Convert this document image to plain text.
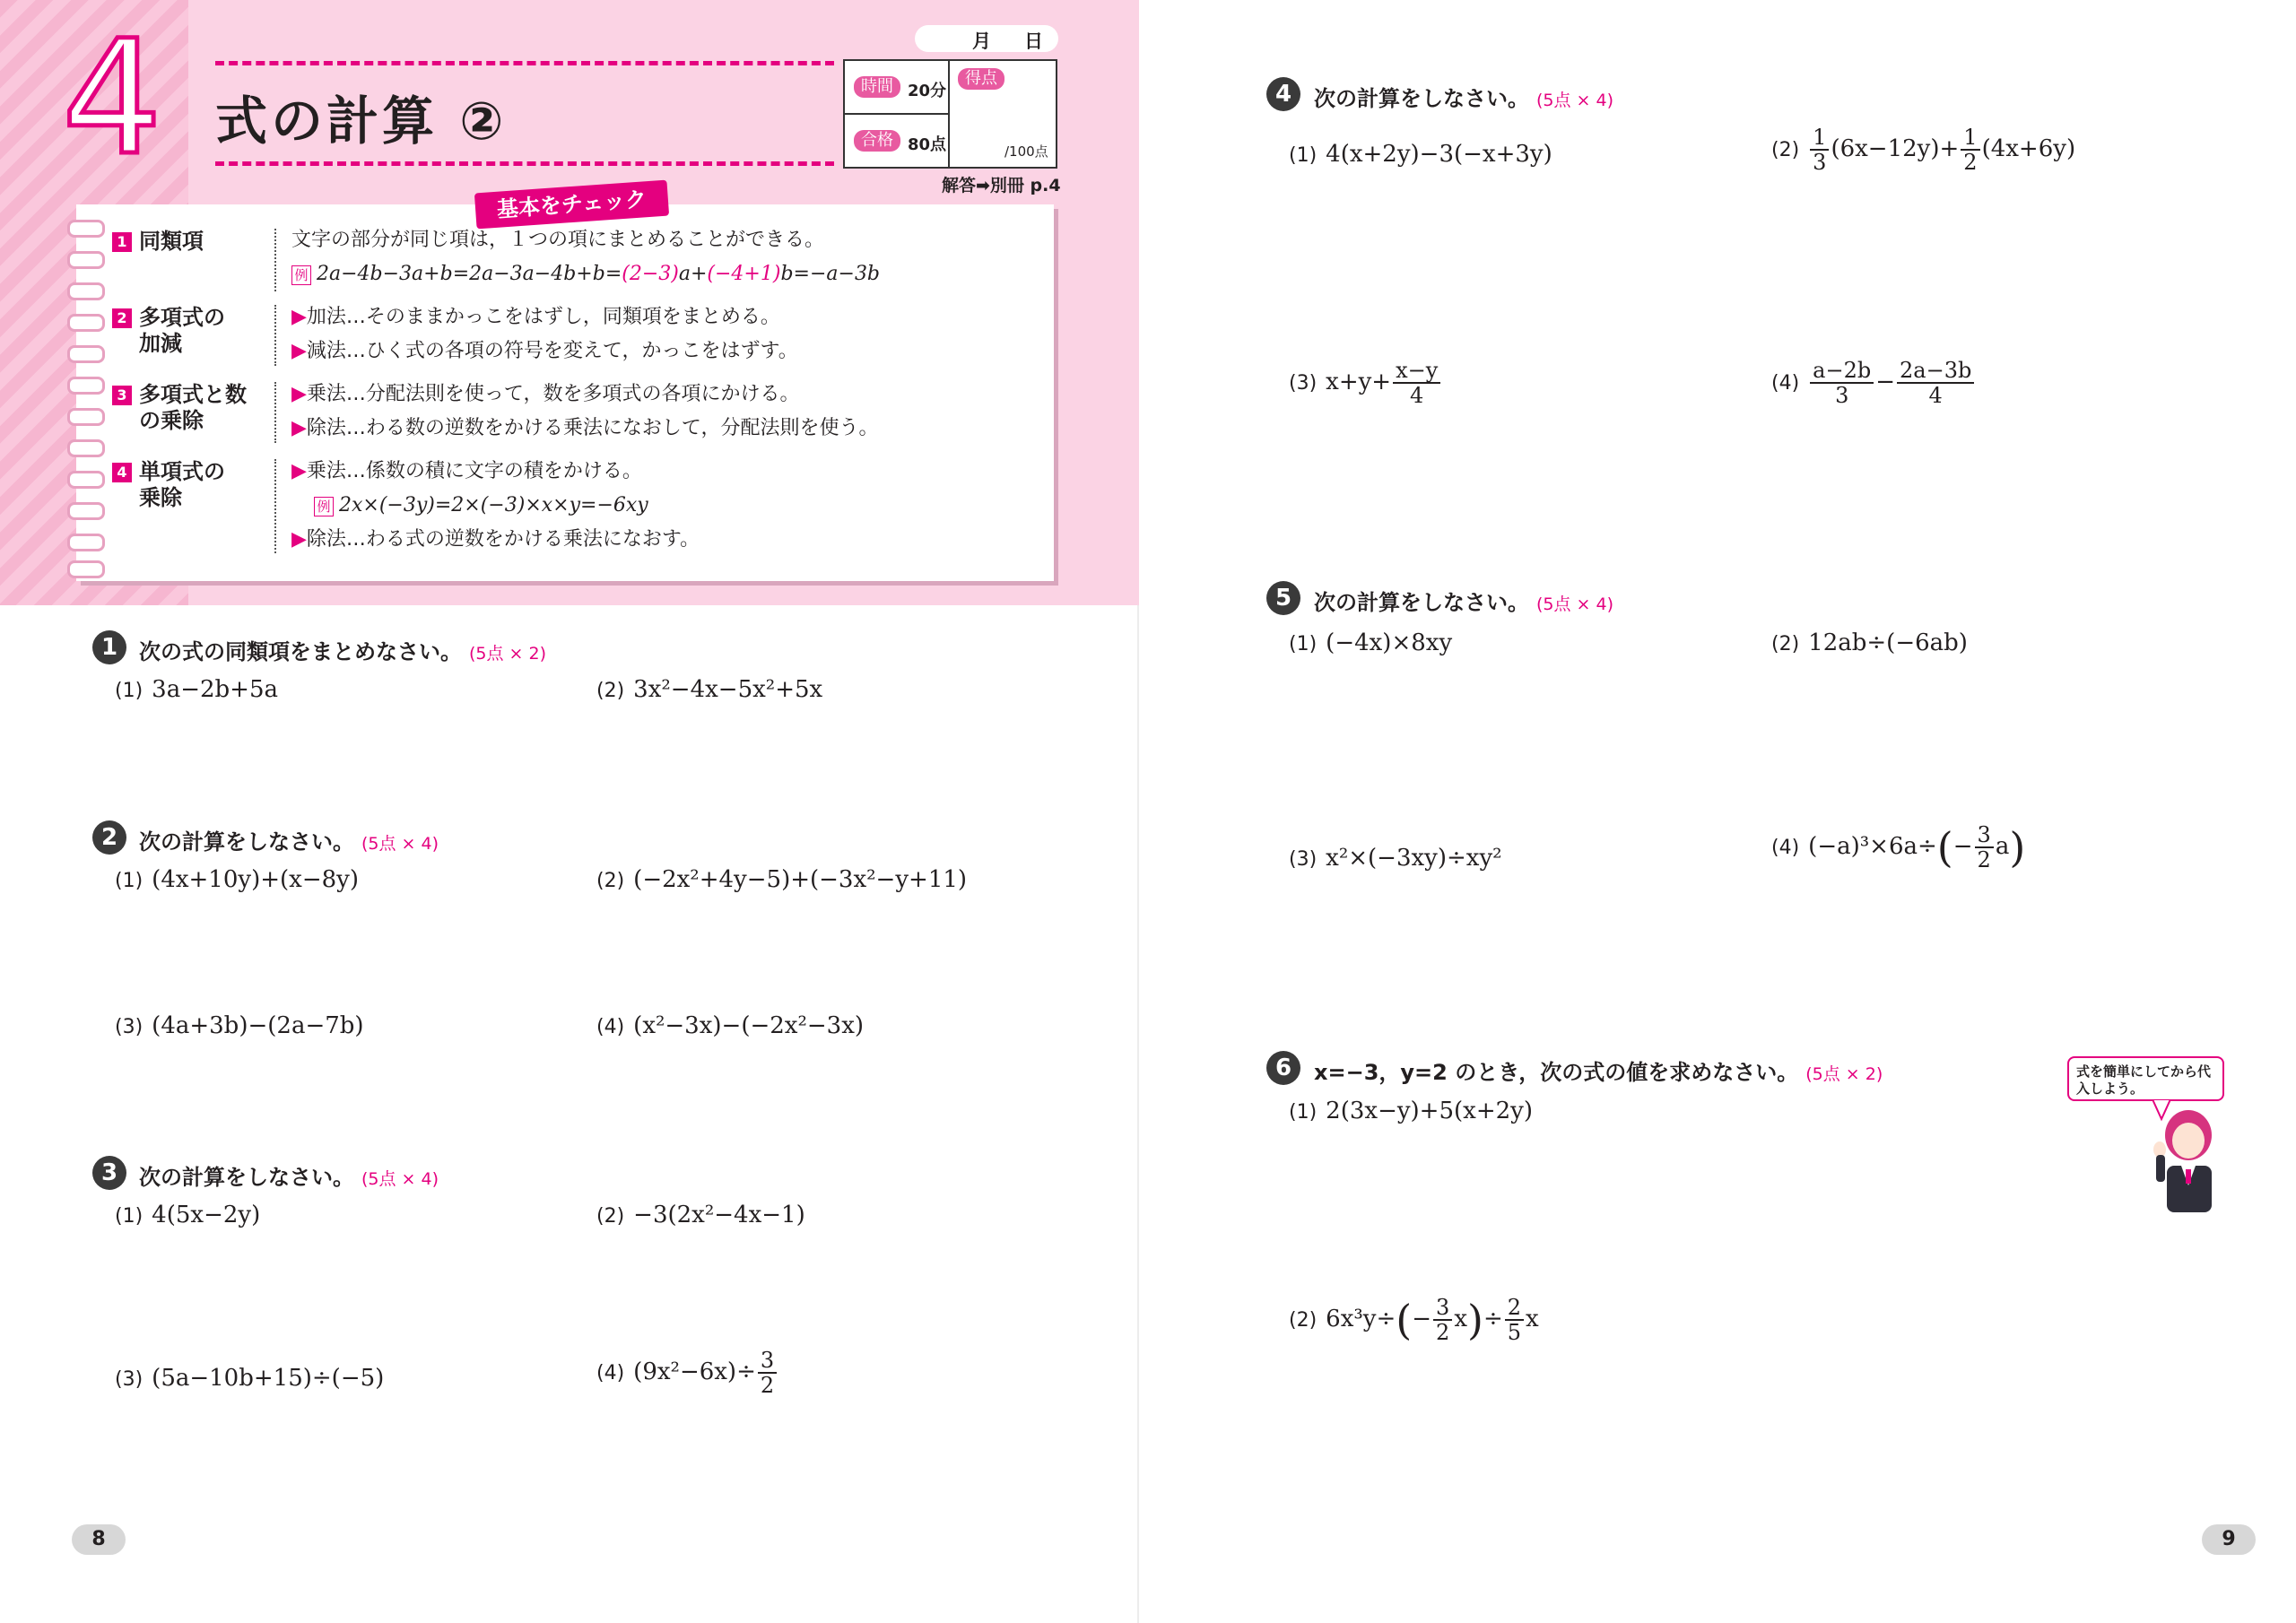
4 式の計算 ②
月 日
時間 20分
合格 80点
得点
/100点
解答➡別冊 p.4
基本をチェック
1 同類項	文字の部分が同じ項は，１つの項にまとめることができる。
例 2a−4b−3a+b=2a−3a−4b+b=(2−3)a+(−4+1)b=−a−3b
2 多項式の
加減
▶加法…そのままかっこをはずし，同類項をまとめる。
▶減法…ひく式の各項の符号を変えて，かっこをはずす。
3 多項式と数
の乗除
▶乗法…分配法則を使って，数を多項式の各項にかける。
▶除法…わる数の逆数をかける乗法になおして，分配法則を使う。
4 単項式の
乗除
▶乗法…係数の積に文字の積をかける。
例 2x×(−3y)=2×(−3)×x×y=−6xy
▶除法…わる式の逆数をかける乗法になおす。
1 次の式の同類項をまとめなさい。 (5点 × 2)
(1) 3a−2b+5a	(2) 3x²−4x−5x²+5x
2 次の計算をしなさい。 (5点 × 4)
(1) (4x+10y)+(x−8y)	(2) (−2x²+4y−5)+(−3x²−y+11)
(3) (4a+3b)−(2a−7b)	(4) (x²−3x)−(−2x²−3x)
3 次の計算をしなさい。 (5点 × 4)
(1) 4(5x−2y)	(2) −3(2x²−4x−1)
(3) (5a−10b+15)÷(−5)	(4) $(9x^2-6x)\div \frac{3}{2}$
8
4	次の計算をしなさい。 (5点 × 4)
(1) 4(x+2y)−3(−x+3y)	$(2) \frac{1}{3} (6x-12y)+ \frac{1}{2} (4x+6y)$
(3) $x+y+ \frac{x-y}{4}$	$(4) \frac{a-2b}{3} - \frac{2a-3b}{4}$
5	次の計算をしなさい。 (5点 × 4)
(1) (−4x)×8xy	(2) 12ab÷(−6ab)
(3) x²×(−3xy)÷xy²	(4) $(-a)^3\times 6a\div(- \frac{3}{2} a)$
6	x=−3，y=2 のとき，次の式の値を求めなさい。 (5点 × 2)
(1) 2(3x−y)+5(x+2y)
(2) $6x^3y\div(- \frac{3}{2} x)\div \frac{2}{5}$ x
式を簡単にしてから代入しよう。
9
